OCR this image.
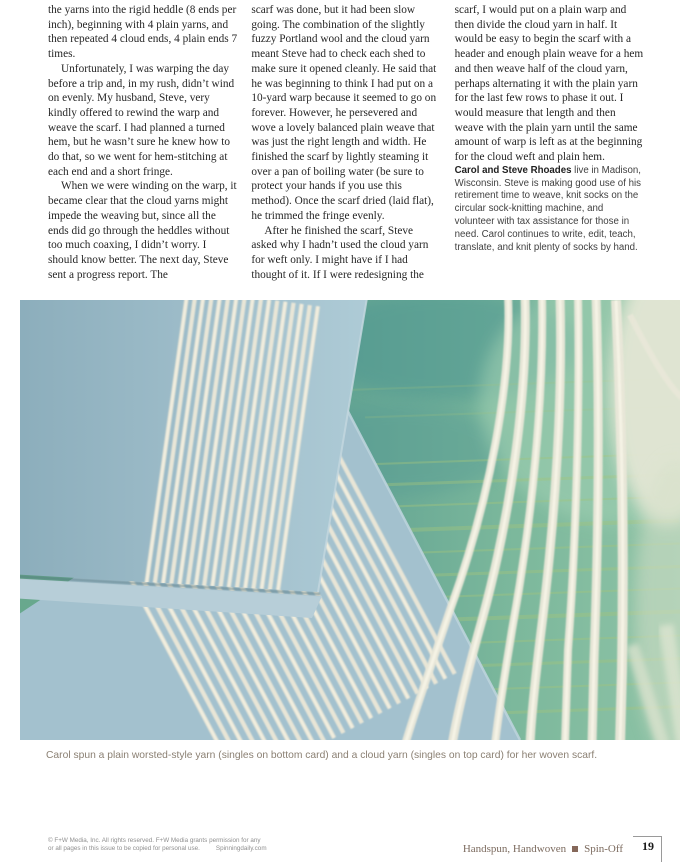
the yarns into the rigid heddle (8 ends per inch), beginning with 4 plain yarns, and then repeated 4 cloud ends, 4 plain ends 7 times.

Unfortunately, I was warping the day before a trip and, in my rush, didn’t wind on evenly. My husband, Steve, very kindly offered to rewind the warp and weave the scarf. I had planned a turned hem, but he wasn’t sure he knew how to do that, so we went for hem-stitching at each end and a short fringe.

When we were winding on the warp, it became clear that the cloud yarns might impede the weaving but, since all the ends did go through the heddles without too much coaxing, I didn’t worry. I should know better. The next day, Steve sent a progress report. The

scarf was done, but it had been slow going. The combination of the slightly fuzzy Portland wool and the cloud yarn meant Steve had to check each shed to make sure it opened cleanly. He said that he was beginning to think I had put on a 10-yard warp because it seemed to go on forever. However, he persevered and wove a lovely balanced plain weave that was just the right length and width. He finished the scarf by lightly steaming it over a pan of boiling water (be sure to protect your hands if you use this method). Once the scarf dried (laid flat), he trimmed the fringe evenly.

After he finished the scarf, Steve asked why I hadn’t used the cloud yarn for weft only. I might have if I had thought of it. If I were redesigning the

scarf, I would put on a plain warp and then divide the cloud yarn in half. It would be easy to begin the scarf with a header and enough plain weave for a hem and then weave half of the cloud yarn, perhaps alternating it with the plain yarn for the last few rows to phase it out. I would measure that length and then weave with the plain yarn until the same amount of warp is left as at the beginning for the cloud weft and plain hem.

Carol and Steve Rhoades live in Madison, Wisconsin. Steve is making good use of his retirement time to weave, knit socks on the circular sock-knitting machine, and volunteer with tax assistance for those in need. Carol continues to write, edit, teach, translate, and knit plenty of socks by hand.

Carol spun a plain worsted-style yarn (singles on bottom card) and a cloud yarn (singles on top card) for her woven scarf.
© F+W Media, Inc. All rights reserved. F+W Media grants permission for any
or all pages in this issue to be copied for personal use.	Spinningdaily.com	Handspun, Handwoven Spin-Off	19
